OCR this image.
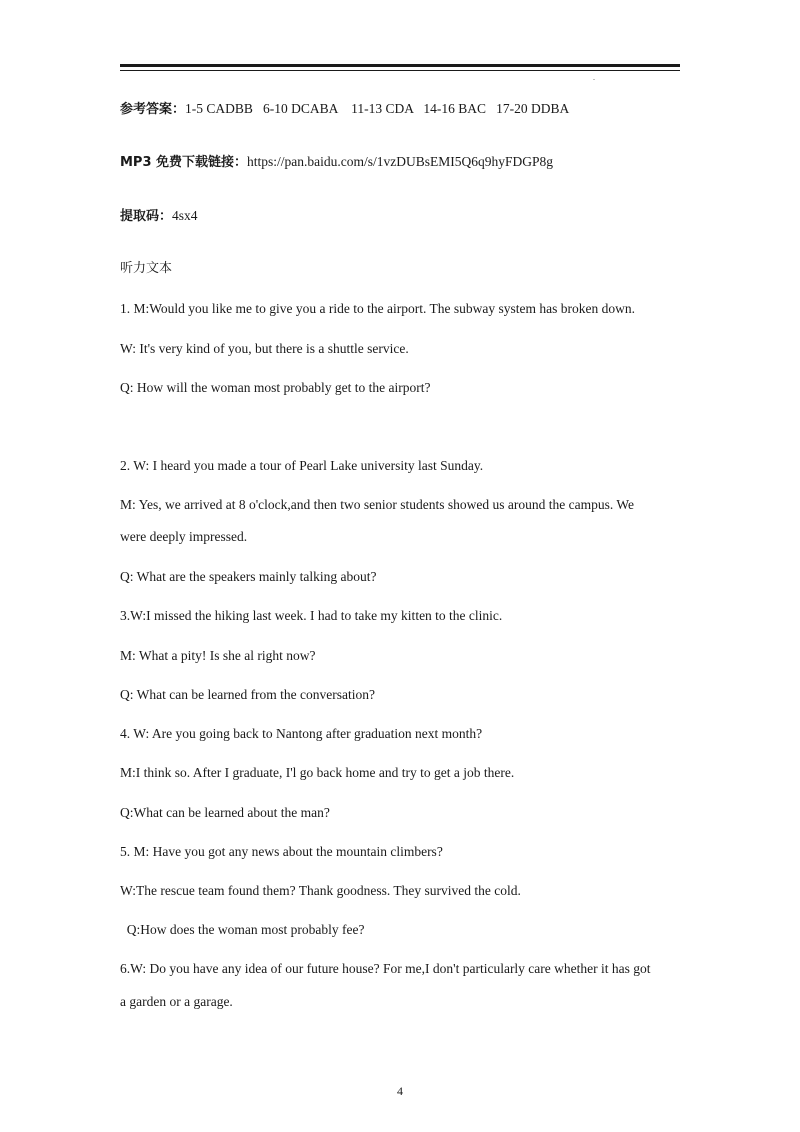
.
参考答案：1-5 CADBB   6-10 DCABA    11-13 CDA   14-16 BAC   17-20 DDBA
MP3 免费下载链接：https://pan.baidu.com/s/1vzDUBsEMI5Q6q9hyFDGP8g
提取码：4sx4
听力文本
1. M:Would you like me to give you a ride to the airport. The subway system has broken down.
W: It's very kind of you, but there is a shuttle service.
Q: How will the woman most probably get to the airport?
2. W: I heard you made a tour of Pearl Lake university last Sunday.
M: Yes, we arrived at 8 o'clock,and then two senior students showed us around the campus. We
were deeply impressed.
Q: What are the speakers mainly talking about?
3.W:I missed the hiking last week. I had to take my kitten to the clinic.
M: What a pity! Is she al right now?
Q: What can be learned from the conversation?
4. W: Are you going back to Nantong after graduation next month?
M:I think so. After I graduate, I'l go back home and try to get a job there.
Q:What can be learned about the man?
5. M: Have you got any news about the mountain climbers?
W:The rescue team found them? Thank goodness. They survived the cold.
Q:How does the woman most probably fee?
6.W: Do you have any idea of our future house? For me,I don't particularly care whether it has got
a garden or a garage.
4
